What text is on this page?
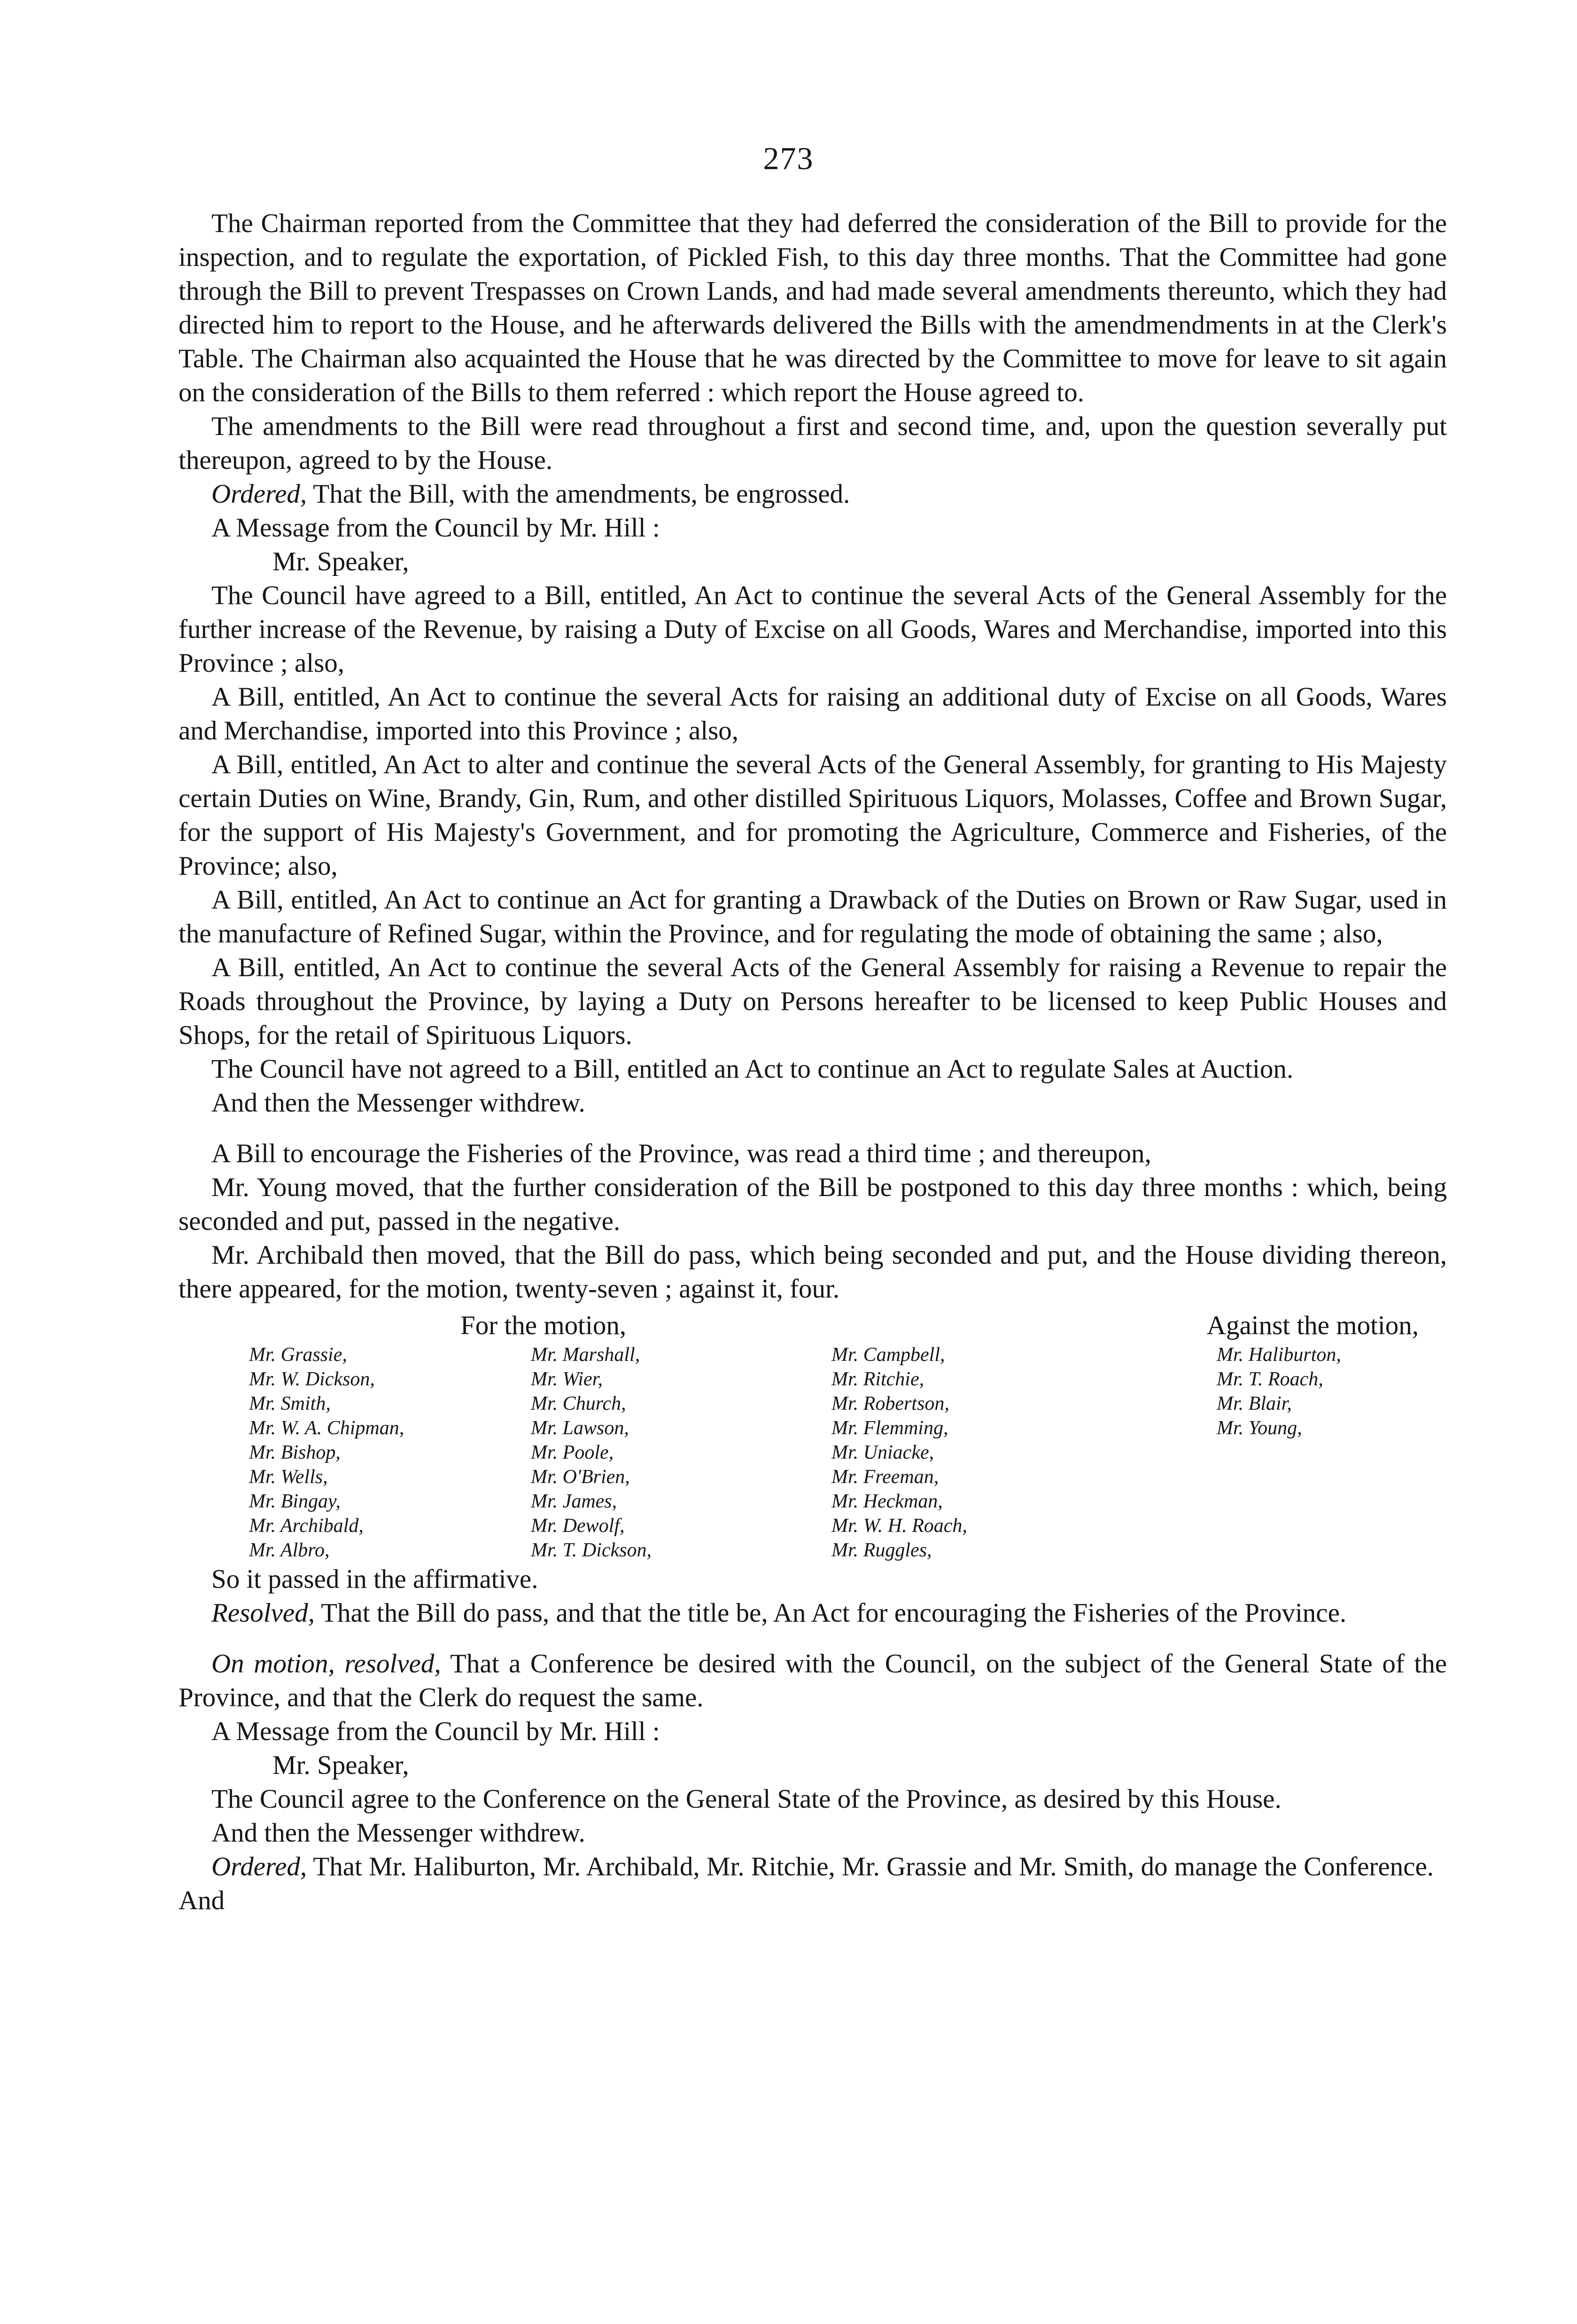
273

The Chairman reported from the Committee that they had deferred the consideration of the Bill to provide for the inspection, and to regulate the exportation, of Pickled Fish, to this day three months. That the Committee had gone through the Bill to prevent Trespasses on Crown Lands, and had made several amendments thereunto, which they had directed him to report to the House, and he afterwards delivered the Bills with the amendmendments in at the Clerk's Table. The Chairman also acquainted the House that he was directed by the Committee to move for leave to sit again on the consideration of the Bills to them referred : which report the House agreed to.

The amendments to the Bill were read throughout a first and second time, and, upon the question severally put thereupon, agreed to by the House.

Ordered, That the Bill, with the amendments, be engrossed.

A Message from the Council by Mr. Hill :

Mr. Speaker,

The Council have agreed to a Bill, entitled, An Act to continue the several Acts of the General Assembly for the further increase of the Revenue, by raising a Duty of Excise on all Goods, Wares and Merchandise, imported into this Province ; also,

A Bill, entitled, An Act to continue the several Acts for raising an additional duty of Excise on all Goods, Wares and Merchandise, imported into this Province ; also,

A Bill, entitled, An Act to alter and continue the several Acts of the General Assembly, for granting to His Majesty certain Duties on Wine, Brandy, Gin, Rum, and other distilled Spirituous Liquors, Molasses, Coffee and Brown Sugar, for the support of His Majesty's Government, and for promoting the Agriculture, Commerce and Fisheries, of the Province; also,

A Bill, entitled, An Act to continue an Act for granting a Drawback of the Duties on Brown or Raw Sugar, used in the manufacture of Refined Sugar, within the Province, and for regulating the mode of obtaining the same ; also,

A Bill, entitled, An Act to continue the several Acts of the General Assembly for raising a Revenue to repair the Roads throughout the Province, by laying a Duty on Persons hereafter to be licensed to keep Public Houses and Shops, for the retail of Spirituous Liquors.

The Council have not agreed to a Bill, entitled an Act to continue an Act to regulate Sales at Auction.

And then the Messenger withdrew.

A Bill to encourage the Fisheries of the Province, was read a third time ; and thereupon,

Mr. Young moved, that the further consideration of the Bill be postponed to this day three months : which, being seconded and put, passed in the negative.

Mr. Archibald then moved, that the Bill do pass, which being seconded and put, and the House dividing thereon, there appeared, for the motion, twenty-seven ; against it, four.

For the motion,	Against the motion,
Mr. Grassie,
Mr. W. Dickson,
Mr. Smith,
Mr. W. A. Chipman,
Mr. Bishop,
Mr. Wells,
Mr. Bingay,
Mr. Archibald,
Mr. Albro,
Mr. Marshall,
Mr. Wier,
Mr. Church,
Mr. Lawson,
Mr. Poole,
Mr. O'Brien,
Mr. James,
Mr. Dewolf,
Mr. T. Dickson,
Mr. Campbell,
Mr. Ritchie,
Mr. Robertson,
Mr. Flemming,
Mr. Uniacke,
Mr. Freeman,
Mr. Heckman,
Mr. W. H. Roach,
Mr. Ruggles,
Mr. Haliburton,
Mr. T. Roach,
Mr. Blair,
Mr. Young,

So it passed in the affirmative.

Resolved, That the Bill do pass, and that the title be, An Act for encouraging the Fisheries of the Province.

On motion, resolved, That a Conference be desired with the Council, on the subject of the General State of the Province, and that the Clerk do request the same.

A Message from the Council by Mr. Hill :

Mr. Speaker,

The Council agree to the Conference on the General State of the Province, as desired by this House.

And then the Messenger withdrew.

Ordered, That Mr. Haliburton, Mr. Archibald, Mr. Ritchie, Mr. Grassie and Mr. Smith, do manage the Conference.

And
